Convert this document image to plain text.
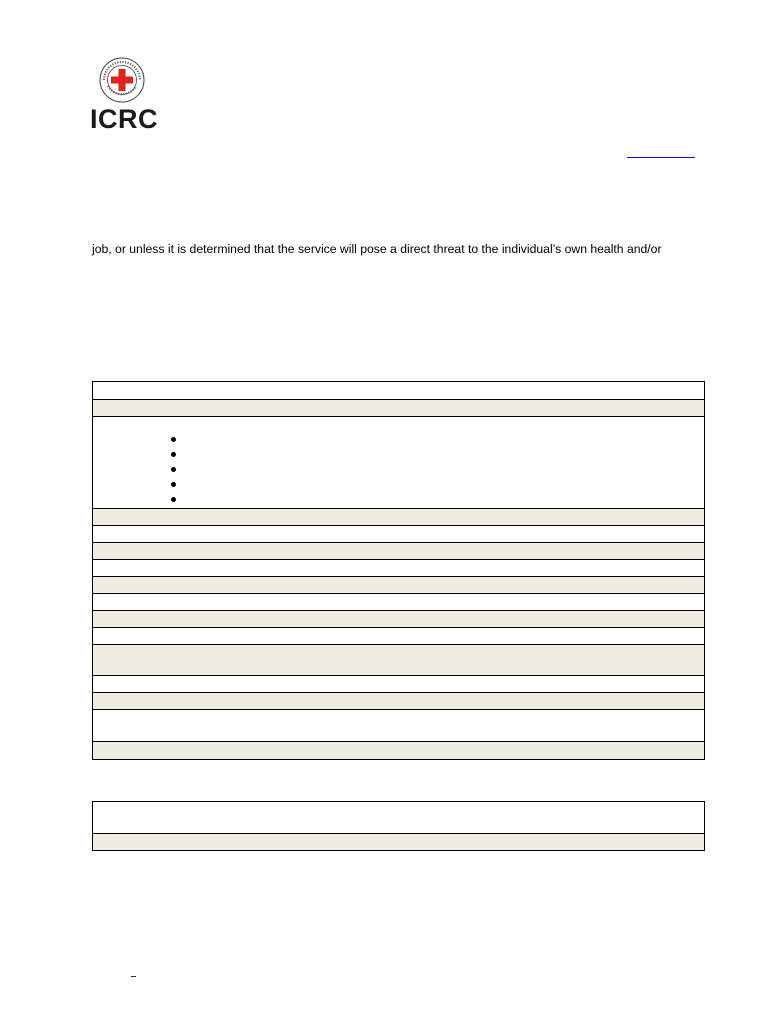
ICRC
job, or unless it is determined that the service will pose a direct threat to the individual’s own health and/or
